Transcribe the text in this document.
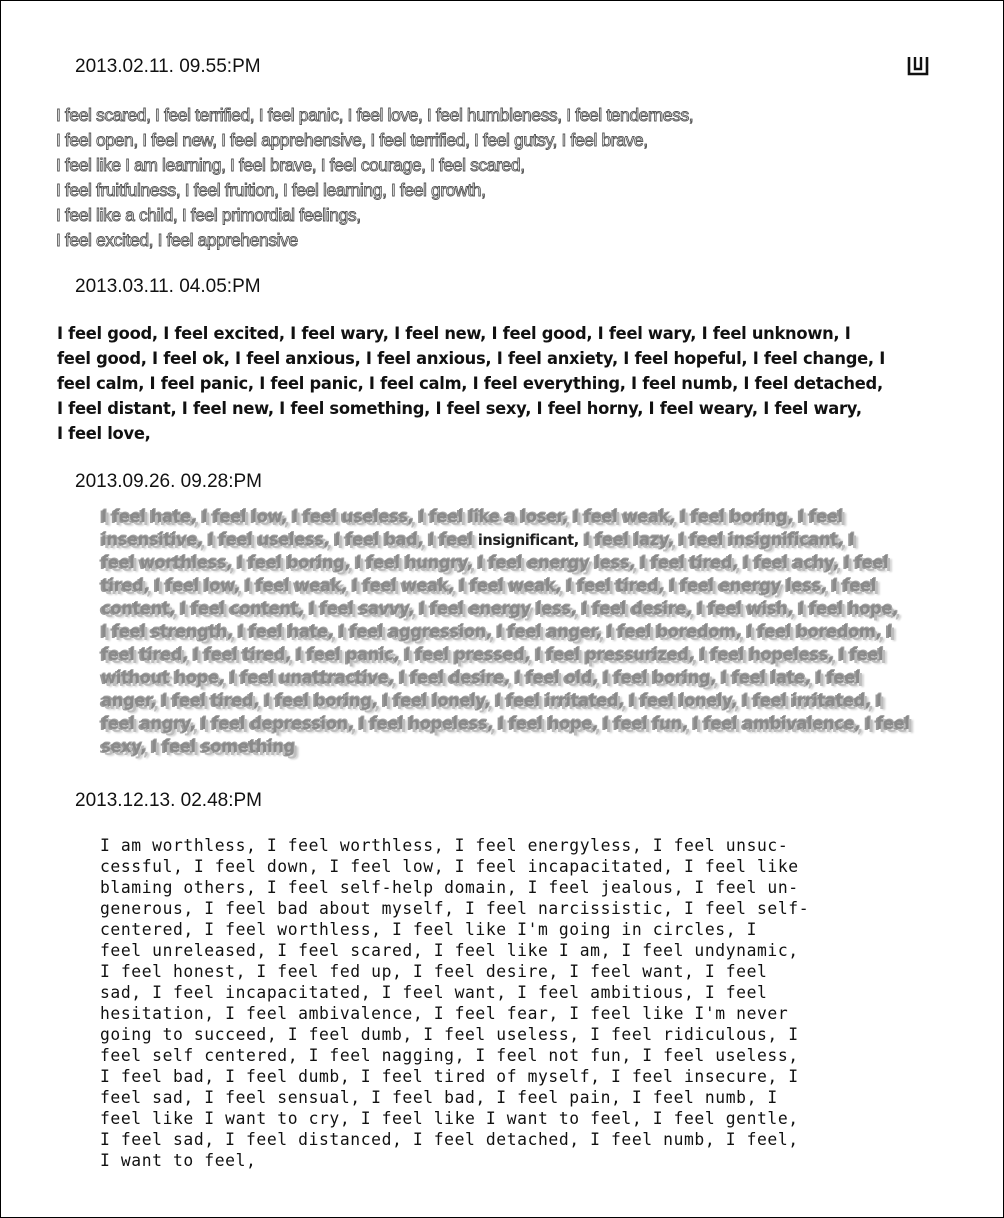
2013.02.11. 09.55:PM

I feel scared, I feel terrified, I feel panic, I feel love, I feel humbleness, I feel tenderness,
I feel open, I feel new, I feel apprehensive, I feel terrified, I feel gutsy, I feel brave,
I feel like I am learning, I feel brave, I feel courage, I feel scared,
I feel fruitfulness, I feel fruition, I feel learning, I feel growth,
I feel like a child, I feel primordial feelings,
I feel excited, I feel apprehensive

2013.03.11. 04.05:PM

I feel good, I feel excited, I feel wary, I feel new, I feel good, I feel wary, I feel unknown, I
feel good, I feel ok, I feel anxious, I feel anxious, I feel anxiety, I feel hopeful, I feel change, I
feel calm, I feel panic, I feel panic, I feel calm, I feel everything, I feel numb, I feel detached,
I feel distant, I feel new, I feel something, I feel sexy, I feel horny, I feel weary, I feel wary,
I feel love,

2013.09.26. 09.28:PM

I feel hate, I feel low, I feel useless, I feel like a loser, I feel weak, I feel boring, I feel
insensitive, I feel useless, I feel bad, I feel insignificant, I feel lazy, I feel insignificant, I
feel worthless, I feel boring, I feel hungry, I feel energy less, I feel tired, I feel achy, I feel
tired, I feel low, I feel weak, I feel weak, I feel weak, I feel tired, I feel energy less, I feel
content, I feel content, I feel savvy, I feel energy less, I feel desire, I feel wish, I feel hope,
I feel strength, I feel hate, I feel aggression, I feel anger, I feel boredom, I feel boredom, I
feel tired, I feel tired, I feel panic, I feel pressed, I feel pressurized, I feel hopeless, I feel
without hope, I feel unattractive, I feel desire, I feel old, I feel boring, I feel late, I feel
anger, I feel tired, I feel boring, I feel lonely, I feel irritated, I feel lonely, I feel irritated, I
feel angry, I feel depression, I feel hopeless, I feel hope, I feel fun, I feel ambivalence, I feel
sexy, I feel something

2013.12.13. 02.48:PM

I am worthless, I feel worthless, I feel energyless, I feel unsuc-
cessful, I feel down, I feel low, I feel incapacitated, I feel like
blaming others, I feel self-help domain, I feel jealous, I feel un-
generous, I feel bad about myself, I feel narcissistic, I feel self-
centered, I feel worthless, I feel like I'm going in circles, I
feel unreleased, I feel scared, I feel like I am, I feel undynamic,
I feel honest, I feel fed up, I feel desire, I feel want, I feel
sad, I feel incapacitated, I feel want, I feel ambitious, I feel
hesitation, I feel ambivalence, I feel fear, I feel like I'm never
going to succeed, I feel dumb, I feel useless, I feel ridiculous, I
feel self centered, I feel nagging, I feel not fun, I feel useless,
I feel bad, I feel dumb, I feel tired of myself, I feel insecure, I
feel sad, I feel sensual, I feel bad, I feel pain, I feel numb, I
feel like I want to cry, I feel like I want to feel, I feel gentle,
I feel sad, I feel distanced, I feel detached, I feel numb, I feel,
I want to feel,
